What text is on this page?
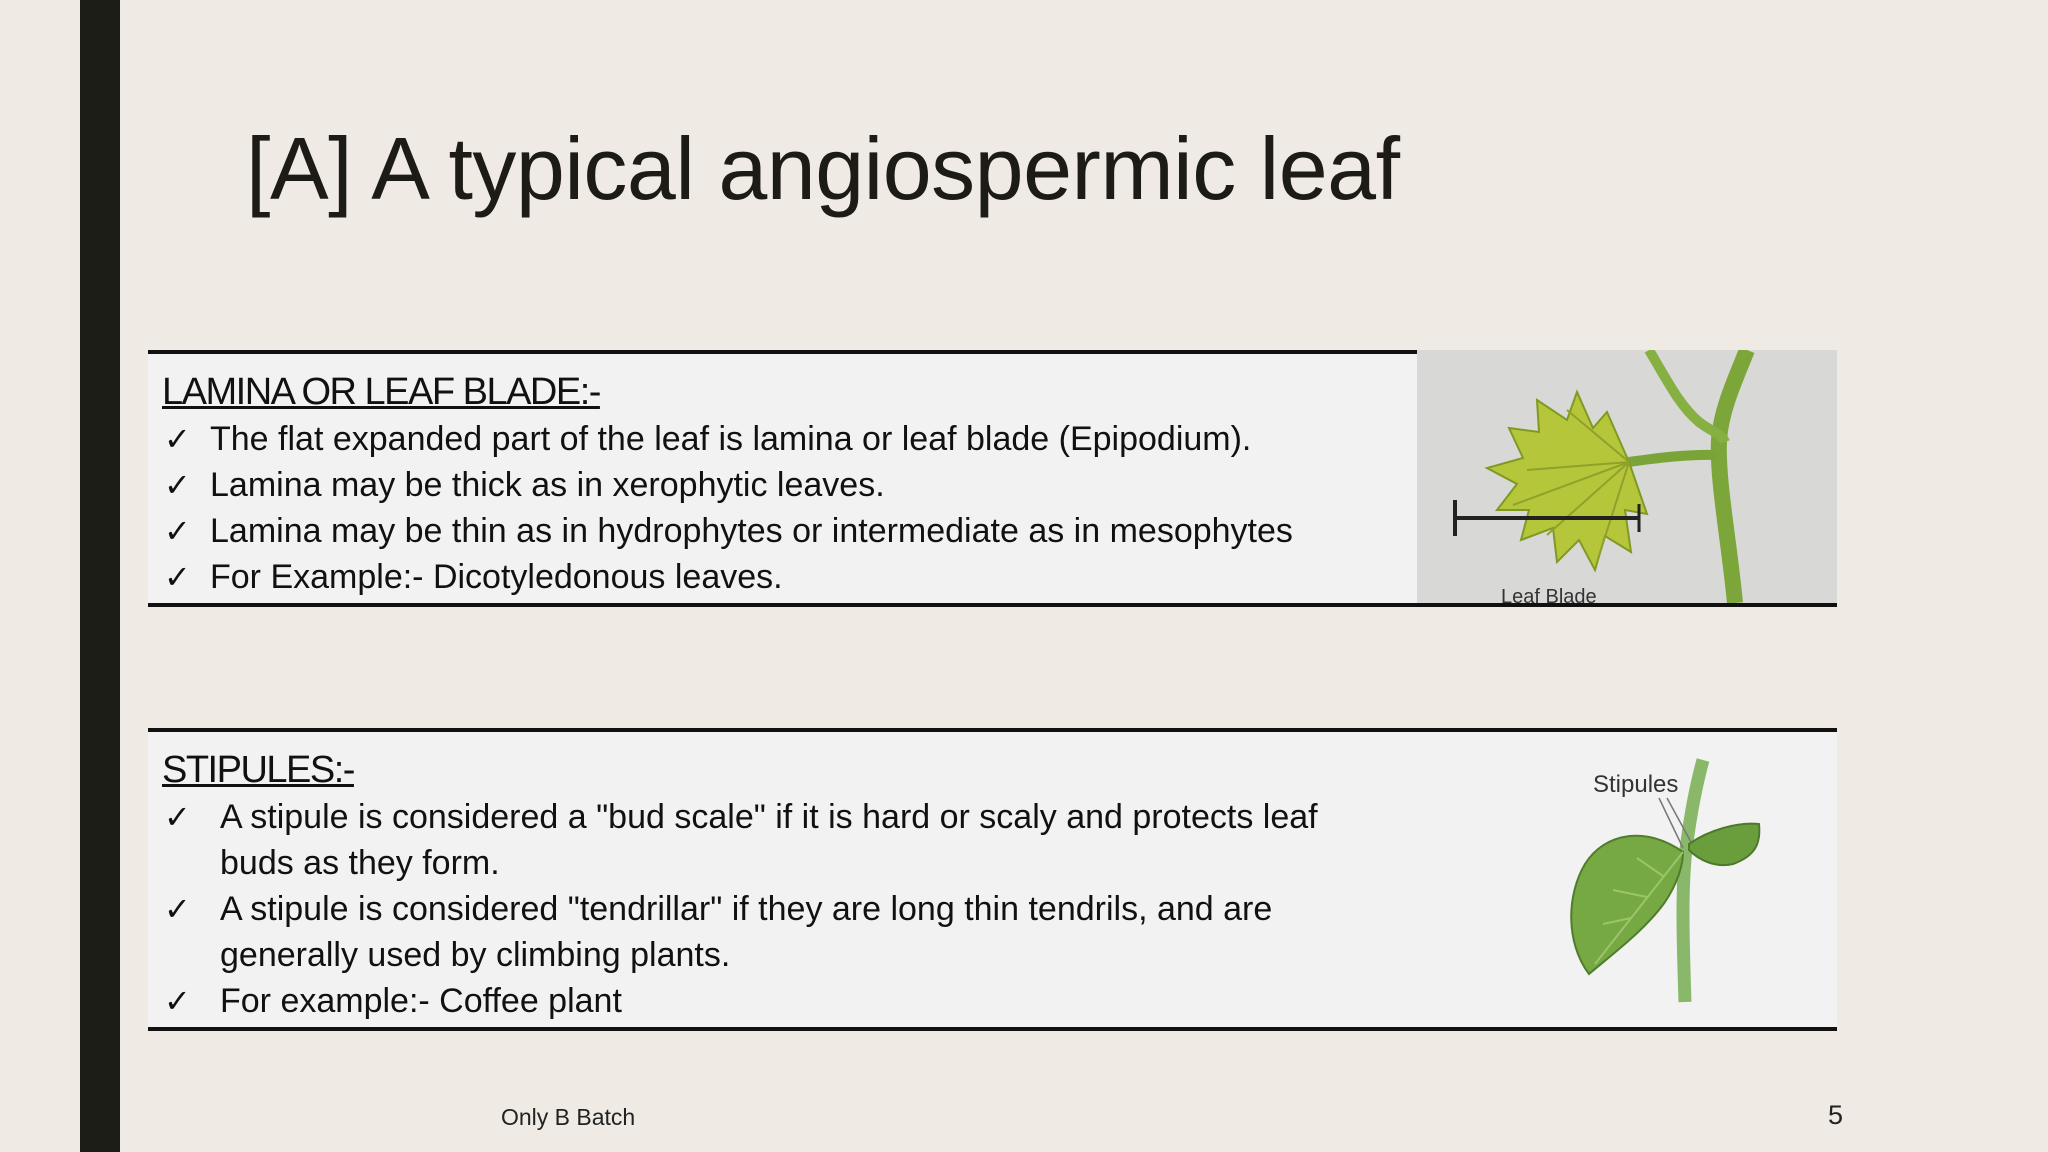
[A] A typical angiospermic leaf
LAMINA OR LEAF BLADE:-
✓ The flat expanded part of the leaf is lamina or leaf blade (Epipodium).
✓ Lamina may be thick as in xerophytic leaves.
✓ Lamina may be thin as in hydrophytes or intermediate as in mesophytes
✓ For Example:- Dicotyledonous leaves.
Leaf Blade
STIPULES:-
✓ A stipule is considered a "bud scale" if it is hard or scaly and protects leaf buds as they form.
✓ A stipule is considered "tendrillar" if they are long thin tendrils, and are generally used by climbing plants.
✓ For example:- Coffee plant
Stipules
Only B Batch	5
